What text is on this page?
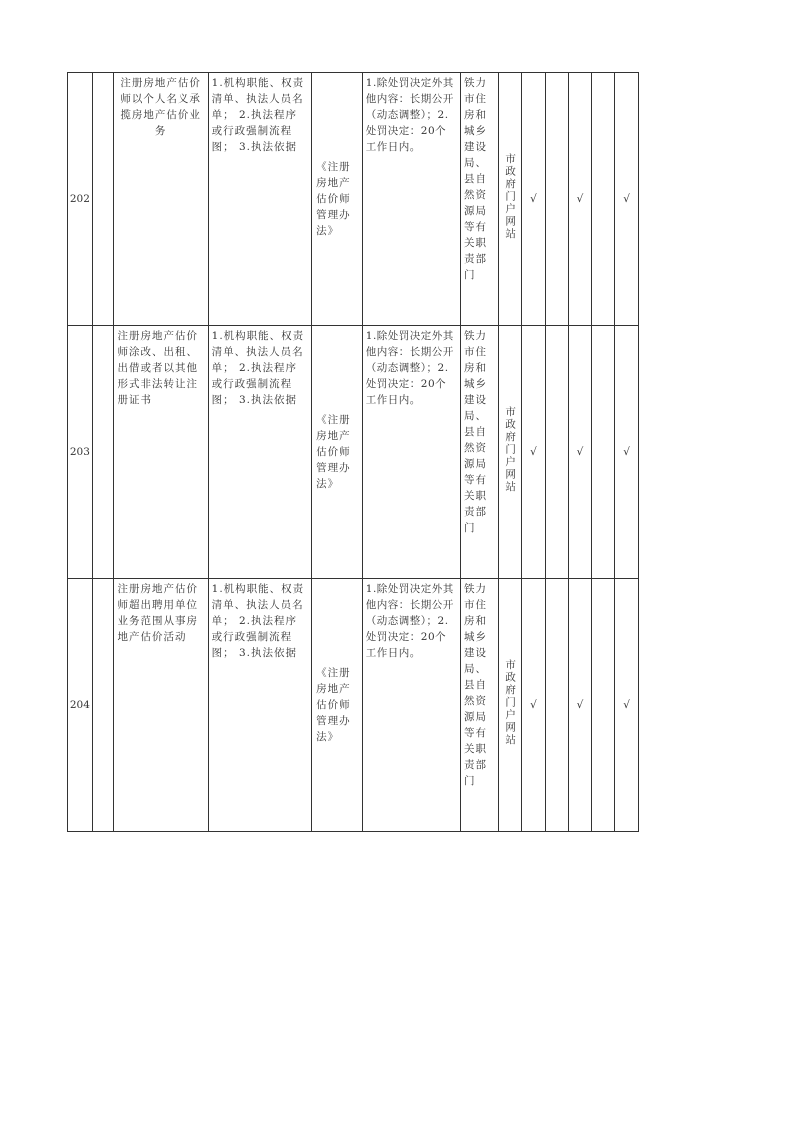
202		注册房地产估价师以个人名义承揽房地产估价业务	1.机构职能、权责清单、执法人员名单； 2.执法程序或行政强制流程 图； 3.执法依据	《注册房地产估价师管理办法》	1.除处罚决定外其他内容：长期公开（动态调整）；2.处罚决定：20个工作日内。	铁力市住房和城乡建设局、县自然资源局等有关职责部门	市政府门户网站	√		√		√
203		注册房地产估价师涂改、出租、出借或者以其他形式非法转让注册证书	1.机构职能、权责清单、执法人员名单； 2.执法程序或行政强制流程 图； 3.执法依据	《注册房地产估价师管理办法》	1.除处罚决定外其他内容：长期公开（动态调整）；2.处罚决定：20个工作日内。	铁力市住房和城乡建设局、县自然资源局等有关职责部门	市政府门户网站	√		√		√
204		注册房地产估价师超出聘用单位业务范围从事房地产估价活动	1.机构职能、权责清单、执法人员名单； 2.执法程序或行政强制流程 图； 3.执法依据	《注册房地产估价师管理办法》	1.除处罚决定外其他内容：长期公开（动态调整）；2.处罚决定：20个工作日内。	铁力市住房和城乡建设局、县自然资源局等有关职责部门	市政府门户网站	√		√		√
